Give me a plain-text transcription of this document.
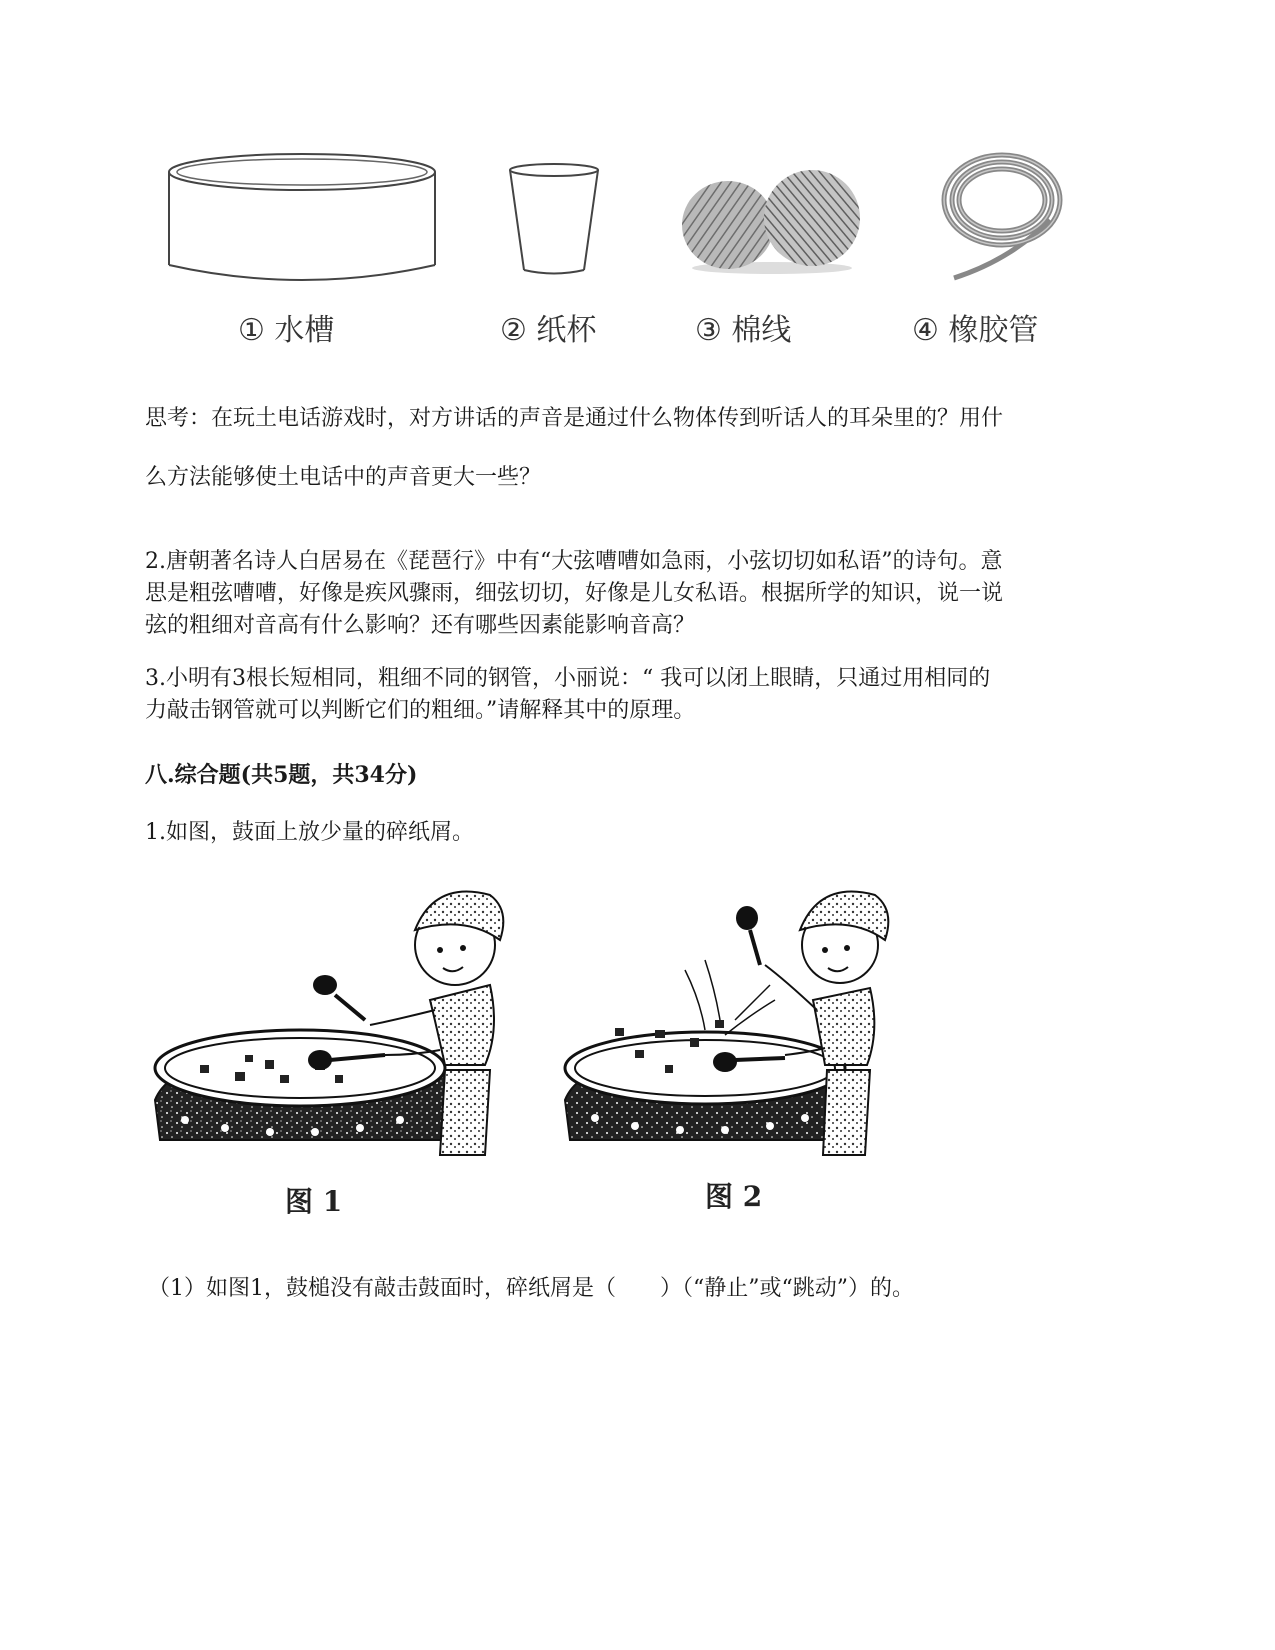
① 水槽	② 纸杯	③ 棉线	④ 橡胶管
思考：在玩土电话游戏时，对方讲话的声音是通过什么物体传到听话人的耳朵里的？用什
么方法能够使土电话中的声音更大一些？
2.唐朝著名诗人白居易在《琵琶行》中有“大弦嘈嘈如急雨，小弦切切如私语”的诗句。意
思是粗弦嘈嘈，好像是疾风骤雨，细弦切切，好像是儿女私语。根据所学的知识，说一说
弦的粗细对音高有什么影响？还有哪些因素能影响音高？
3.小明有3根长短相同，粗细不同的钢管，小丽说：“ 我可以闭上眼睛，只通过用相同的
力敲击钢管就可以判断它们的粗细。”请解释其中的原理。
八.综合题(共5题，共34分)
1.如图，鼓面上放少量的碎纸屑。
图 1	图 2
（1）如图1，鼓槌没有敲击鼓面时，碎纸屑是（　　）（“静止”或“跳动”）的。
